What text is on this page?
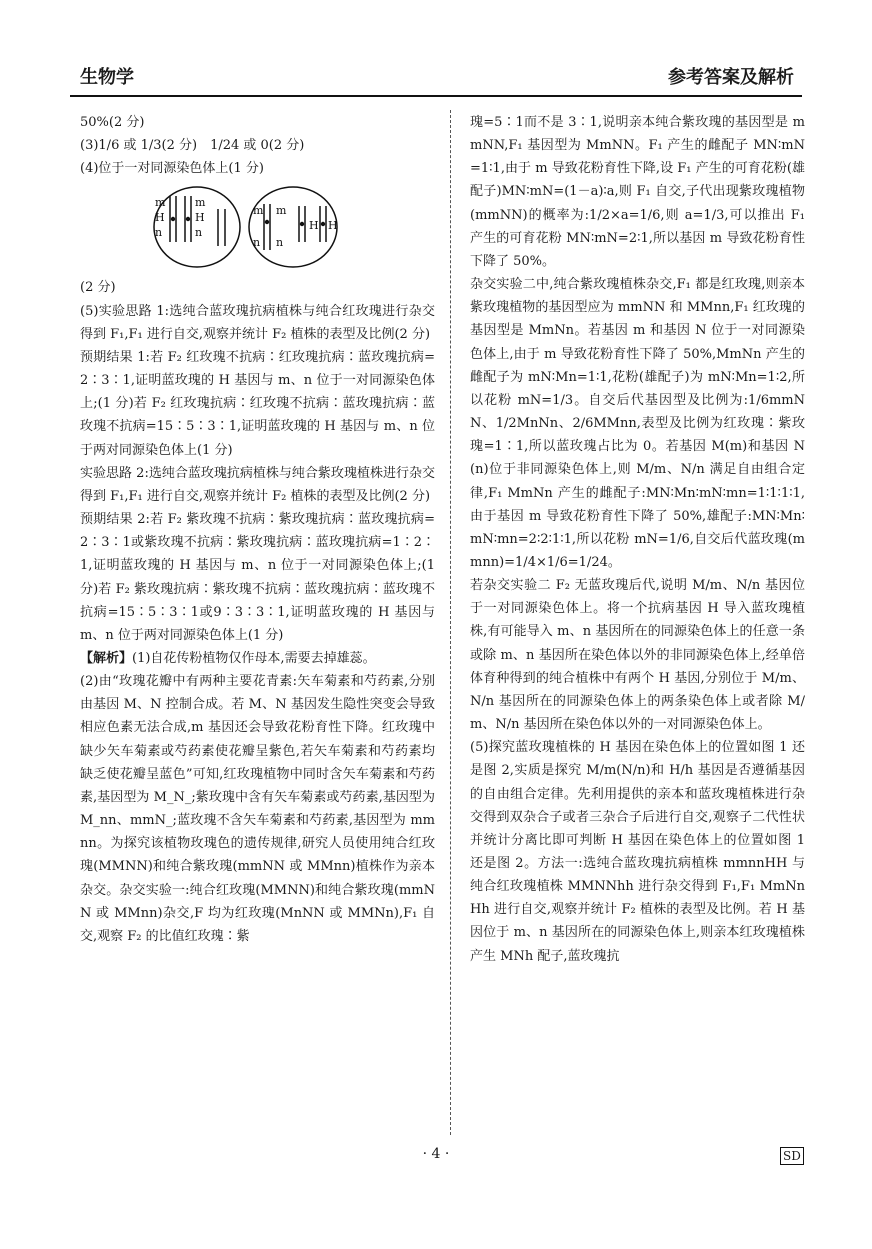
生物学	参考答案及解析

50%(2 分)

(3)1/6 或 1/3(2 分)　1/24 或 0(2 分)

(4)位于一对同源染色体上(1 分)

m
H
n
m
H
n
m
n
m
n
H H

(2 分)

(5)实验思路 1:选纯合蓝玫瑰抗病植株与纯合红玫瑰进行杂交得到 F₁,F₁ 进行自交,观察并统计 F₂ 植株的表型及比例(2 分)

预期结果 1:若 F₂ 红玫瑰不抗病∶红玫瑰抗病∶蓝玫瑰抗病=2∶3∶1,证明蓝玫瑰的 H 基因与 m、n 位于一对同源染色体上;(1 分)若 F₂ 红玫瑰抗病∶红玫瑰不抗病∶蓝玫瑰抗病∶蓝玫瑰不抗病=15∶5∶3∶1,证明蓝玫瑰的 H 基因与 m、n 位于两对同源染色体上(1 分)

实验思路 2:选纯合蓝玫瑰抗病植株与纯合紫玫瑰植株进行杂交得到 F₁,F₁ 进行自交,观察并统计 F₂ 植株的表型及比例(2 分)

预期结果 2:若 F₂ 紫玫瑰不抗病∶紫玫瑰抗病∶蓝玫瑰抗病=2∶3∶1或紫玫瑰不抗病∶紫玫瑰抗病∶蓝玫瑰抗病=1∶2∶1,证明蓝玫瑰的 H 基因与 m、n 位于一对同源染色体上;(1 分)若 F₂ 紫玫瑰抗病∶紫玫瑰不抗病∶蓝玫瑰抗病∶蓝玫瑰不抗病=15∶5∶3∶1或9∶3∶3∶1,证明蓝玫瑰的 H 基因与 m、n 位于两对同源染色体上(1 分)

【解析】(1)自花传粉植物仅作母本,需要去掉雄蕊。

(2)由“玫瑰花瓣中有两种主要花青素:矢车菊素和芍药素,分别由基因 M、N 控制合成。若 M、N 基因发生隐性突变会导致相应色素无法合成,m 基因还会导致花粉育性下降。红玫瑰中缺少矢车菊素或芍药素使花瓣呈紫色,若矢车菊素和芍药素均缺乏使花瓣呈蓝色”可知,红玫瑰植物中同时含矢车菊素和芍药素,基因型为 M_N_;紫玫瑰中含有矢车菊素或芍药素,基因型为 M_nn、mmN_;蓝玫瑰不含矢车菊素和芍药素,基因型为 mmnn。为探究该植物玫瑰色的遗传规律,研究人员使用纯合红玫瑰(MMNN)和纯合紫玫瑰(mmNN 或 MMnn)植株作为亲本杂交。杂交实验一:纯合红玫瑰(MMNN)和纯合紫玫瑰(mmNN 或 MMnn)杂交,F 均为红玫瑰(MnNN 或 MMNn),F₁ 自交,观察 F₂ 的比值红玫瑰∶紫

瑰=5∶1而不是 3∶1,说明亲本纯合紫玫瑰的基因型是 mmNN,F₁ 基因型为 MmNN。F₁ 产生的雌配子 MN∶mN=1∶1,由于 m 导致花粉育性下降,设 F₁ 产生的可育花粉(雄配子)MN∶mN=(1－a)∶a,则 F₁ 自交,子代出现紫玫瑰植物(mmNN)的概率为:1/2×a=1/6,则 a=1/3,可以推出 F₁ 产生的可育花粉 MN∶mN=2∶1,所以基因 m 导致花粉育性下降了 50%。

杂交实验二中,纯合紫玫瑰植株杂交,F₁ 都是红玫瑰,则亲本紫玫瑰植物的基因型应为 mmNN 和 MMnn,F₁ 红玫瑰的基因型是 MmNn。若基因 m 和基因 N 位于一对同源染色体上,由于 m 导致花粉育性下降了 50%,MmNn 产生的雌配子为 mN∶Mn=1∶1,花粉(雄配子)为 mN∶Mn=1∶2,所以花粉 mN=1/3。自交后代基因型及比例为:1/6mmNN、1/2MnNn、2/6MMnn,表型及比例为红玫瑰∶紫玫瑰=1∶1,所以蓝玫瑰占比为 0。若基因 M(m)和基因 N(n)位于非同源染色体上,则 M/m、N/n 满足自由组合定律,F₁ MmNn 产生的雌配子:MN∶Mn∶mN∶mn=1∶1∶1∶1,由于基因 m 导致花粉育性下降了 50%,雄配子:MN∶Mn∶mN∶mn=2∶2∶1∶1,所以花粉 mN=1/6,自交后代蓝玫瑰(mmnn)=1/4×1/6=1/24。

若杂交实验二 F₂ 无蓝玫瑰后代,说明 M/m、N/n 基因位于一对同源染色体上。将一个抗病基因 H 导入蓝玫瑰植株,有可能导入 m、n 基因所在的同源染色体上的任意一条或除 m、n 基因所在染色体以外的非同源染色体上,经单倍体育种得到的纯合植株中有两个 H 基因,分别位于 M/m、N/n 基因所在的同源染色体上的两条染色体上或者除 M/m、N/n 基因所在染色体以外的一对同源染色体上。

(5)探究蓝玫瑰植株的 H 基因在染色体上的位置如图 1 还是图 2,实质是探究 M/m(N/n)和 H/h 基因是否遵循基因的自由组合定律。先利用提供的亲本和蓝玫瑰植株进行杂交得到双杂合子或者三杂合子后进行自交,观察子二代性状并统计分离比即可判断 H 基因在染色体上的位置如图 1 还是图 2。方法一:选纯合蓝玫瑰抗病植株 mmnnHH 与纯合红玫瑰植株 MMNNhh 进行杂交得到 F₁,F₁ MmNnHh 进行自交,观察并统计 F₂ 植株的表型及比例。若 H 基因位于 m、n 基因所在的同源染色体上,则亲本红玫瑰植株产生 MNh 配子,蓝玫瑰抗

· 4 ·	SD
